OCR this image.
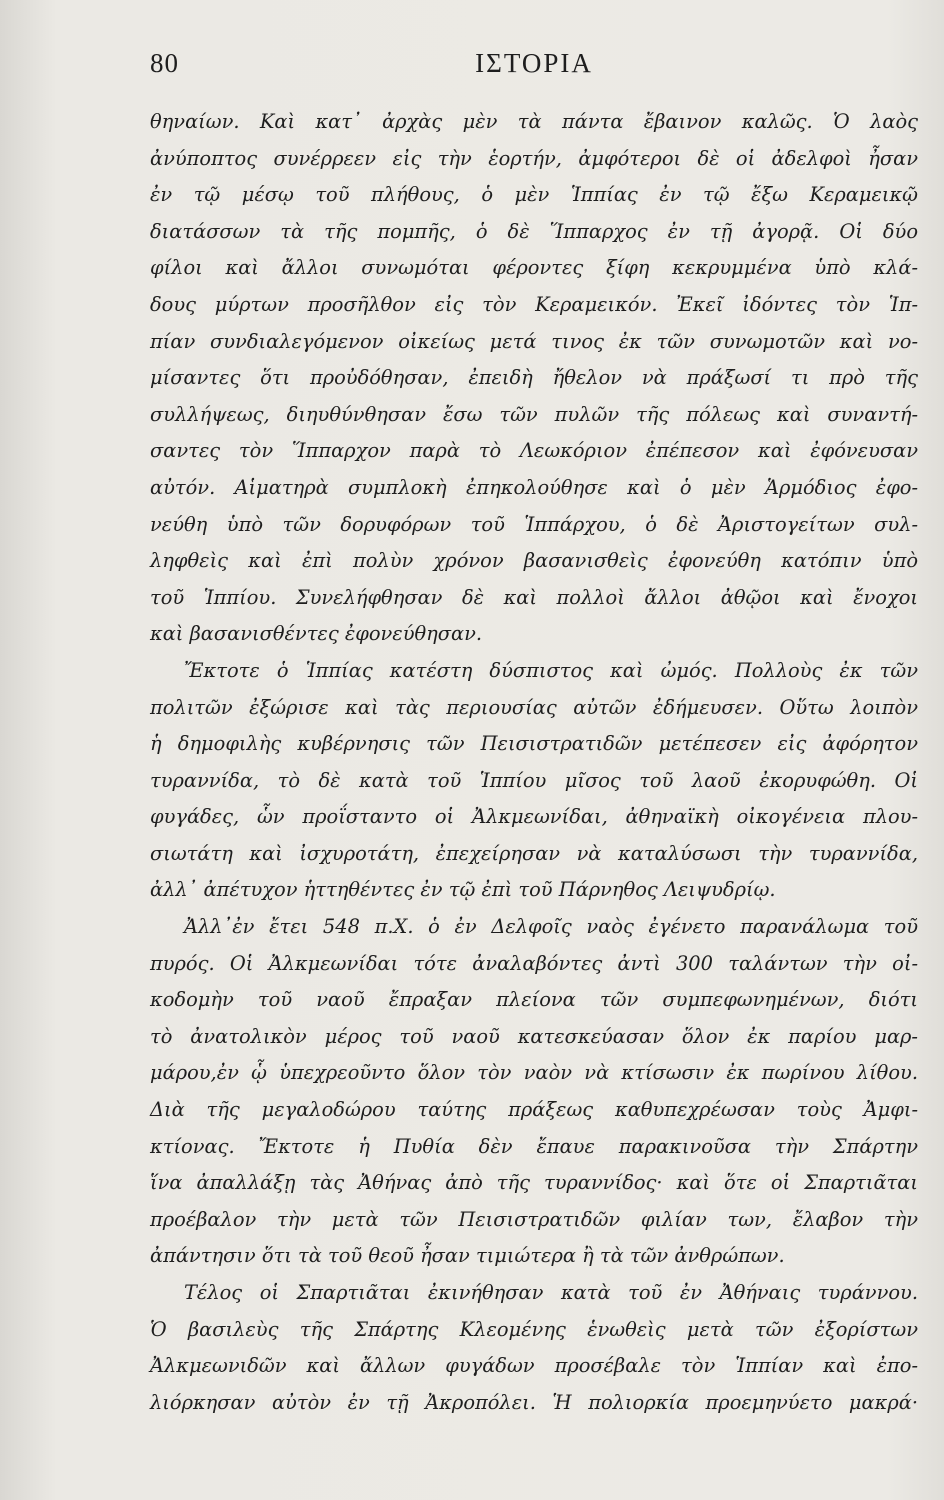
80	ΙΣΤΟΡΙΑ
θηναίων. Καὶ κατ᾽ ἀρχὰς μὲν τὰ πάντα ἔβαινον καλῶς. Ὁ λαὸς
ἀνύποπτος συνέρρεεν εἰς τὴν ἑορτήν, ἀμφότεροι δὲ οἱ ἀδελφοὶ ἦσαν
ἐν τῷ μέσῳ τοῦ πλήθους, ὁ μὲν Ἱππίας ἐν τῷ ἔξω Κεραμεικῷ
διατάσσων τὰ τῆς πομπῆς, ὁ δὲ Ἵππαρχος ἐν τῇ ἀγορᾷ. Οἱ δύο
φίλοι καὶ ἄλλοι συνωμόται φέροντες ξίφη κεκρυμμένα ὑπὸ κλά-
δους μύρτων προσῆλθον εἰς τὸν Κεραμεικόν. Ἐκεῖ ἰδόντες τὸν Ἱπ-
πίαν συνδιαλεγόμενον οἰκείως μετά τινος ἐκ τῶν συνωμοτῶν καὶ νο-
μίσαντες ὅτι προὐδόθησαν, ἐπειδὴ ἤθελον νὰ πράξωσί τι πρὸ τῆς
συλλήψεως, διηυθύνθησαν ἔσω τῶν πυλῶν τῆς πόλεως καὶ συναντή-
σαντες τὸν Ἵππαρχον παρὰ τὸ Λεωκόριον ἐπέπεσον καὶ ἐφόνευσαν
αὐτόν. Αἱματηρὰ συμπλοκὴ ἐπηκολούθησε καὶ ὁ μὲν Ἁρμόδιος ἐφο-
νεύθη ὑπὸ τῶν δορυφόρων τοῦ Ἱππάρχου, ὁ δὲ Ἀριστογείτων συλ-
ληφθεὶς καὶ ἐπὶ πολὺν χρόνον βασανισθεὶς ἐφονεύθη κατόπιν ὑπὸ
τοῦ Ἱππίου. Συνελήφθησαν δὲ καὶ πολλοὶ ἄλλοι ἀθῷοι καὶ ἔνοχοι
καὶ βασανισθέντες ἐφονεύθησαν.
Ἔκτοτε ὁ Ἱππίας κατέστη δύσπιστος καὶ ὠμός. Πολλοὺς ἐκ τῶν
πολιτῶν ἐξώρισε καὶ τὰς περιουσίας αὐτῶν ἐδήμευσεν. Οὕτω λοιπὸν
ἡ δημοφιλὴς κυβέρνησις τῶν Πεισιστρατιδῶν μετέπεσεν εἰς ἀφόρητον
τυραννίδα, τὸ δὲ κατὰ τοῦ Ἱππίου μῖσος τοῦ λαοῦ ἐκορυφώθη. Οἱ
φυγάδες, ὧν προΐσταντο οἱ Ἀλκμεωνίδαι, ἀθηναϊκὴ οἰκογένεια πλου-
σιωτάτη καὶ ἰσχυροτάτη, ἐπεχείρησαν νὰ καταλύσωσι τὴν τυραννίδα,
ἀλλ᾽ ἀπέτυχον ἡττηθέντες ἐν τῷ ἐπὶ τοῦ Πάρνηθος Λειψυδρίῳ.
Ἀλλ᾽ἐν ἔτει 548 π.Χ. ὁ ἐν Δελφοῖς ναὸς ἐγένετο παρανάλωμα τοῦ
πυρός. Οἱ Ἀλκμεωνίδαι τότε ἀναλαβόντες ἀντὶ 300 ταλάντων τὴν οἰ-
κοδομὴν τοῦ ναοῦ ἔπραξαν πλείονα τῶν συμπεφωνημένων, διότι
τὸ ἀνατολικὸν μέρος τοῦ ναοῦ κατεσκεύασαν ὅλον ἐκ παρίου μαρ-
μάρου,ἐν ᾧ ὑπεχρεοῦντο ὅλον τὸν ναὸν νὰ κτίσωσιν ἐκ πωρίνου λίθου.
Διὰ τῆς μεγαλοδώρου ταύτης πράξεως καθυπεχρέωσαν τοὺς Ἀμφι-
κτίονας. Ἔκτοτε ἡ Πυθία δὲν ἔπαυε παρακινοῦσα τὴν Σπάρτην
ἵνα ἀπαλλάξῃ τὰς Ἀθήνας ἀπὸ τῆς τυραννίδος· καὶ ὅτε οἱ Σπαρτιᾶται
προέβαλον τὴν μετὰ τῶν Πεισιστρατιδῶν φιλίαν των, ἔλαβον τὴν
ἀπάντησιν ὅτι τὰ τοῦ θεοῦ ἦσαν τιμιώτερα ἢ τὰ τῶν ἀνθρώπων.
Τέλος οἱ Σπαρτιᾶται ἐκινήθησαν κατὰ τοῦ ἐν Ἀθήναις τυράννου.
Ὁ βασιλεὺς τῆς Σπάρτης Κλεομένης ἑνωθεὶς μετὰ τῶν ἐξορίστων
Ἀλκμεωνιδῶν καὶ ἄλλων φυγάδων προσέβαλε τὸν Ἱππίαν καὶ ἐπο-
λιόρκησαν αὐτὸν ἐν τῇ Ἀκροπόλει. Ἡ πολιορκία προεμηνύετο μακρά·
